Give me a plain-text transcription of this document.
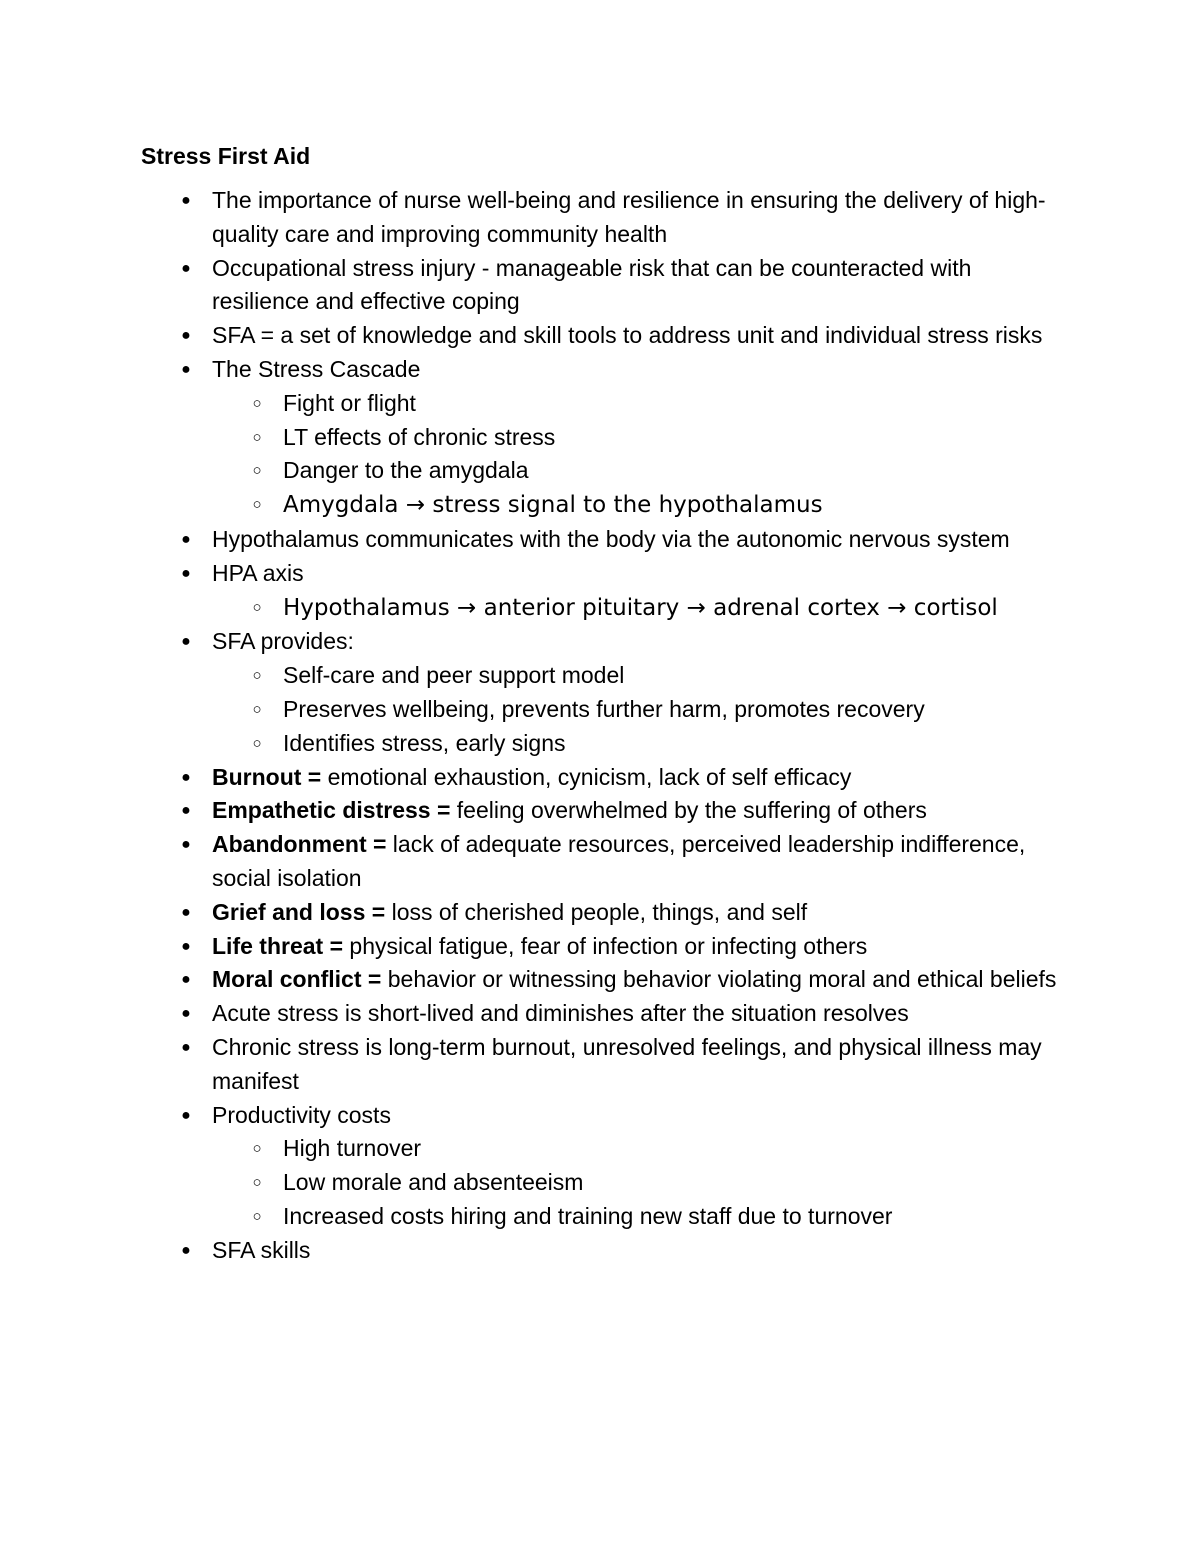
Stress First Aid
● The importance of nurse well-being and resilience in ensuring the delivery of high-quality care and improving community health
● Occupational stress injury - manageable risk that can be counteracted with resilience and effective coping
● SFA = a set of knowledge and skill tools to address unit and individual stress risks
● The Stress Cascade
○ Fight or flight
○ LT effects of chronic stress
○ Danger to the amygdala
○ Amygdala → stress signal to the hypothalamus
● Hypothalamus communicates with the body via the autonomic nervous system
● HPA axis
○ Hypothalamus → anterior pituitary → adrenal cortex → cortisol
● SFA provides:
○ Self-care and peer support model
○ Preserves wellbeing, prevents further harm, promotes recovery
○ Identifies stress, early signs
● Burnout = emotional exhaustion, cynicism, lack of self efficacy
● Empathetic distress = feeling overwhelmed by the suffering of others
● Abandonment = lack of adequate resources, perceived leadership indifference, social isolation
● Grief and loss = loss of cherished people, things, and self
● Life threat = physical fatigue, fear of infection or infecting others
● Moral conflict = behavior or witnessing behavior violating moral and ethical beliefs
● Acute stress is short-lived and diminishes after the situation resolves
● Chronic stress is long-term burnout, unresolved feelings, and physical illness may manifest
● Productivity costs
○ High turnover
○ Low morale and absenteeism
○ Increased costs hiring and training new staff due to turnover
● SFA skills
